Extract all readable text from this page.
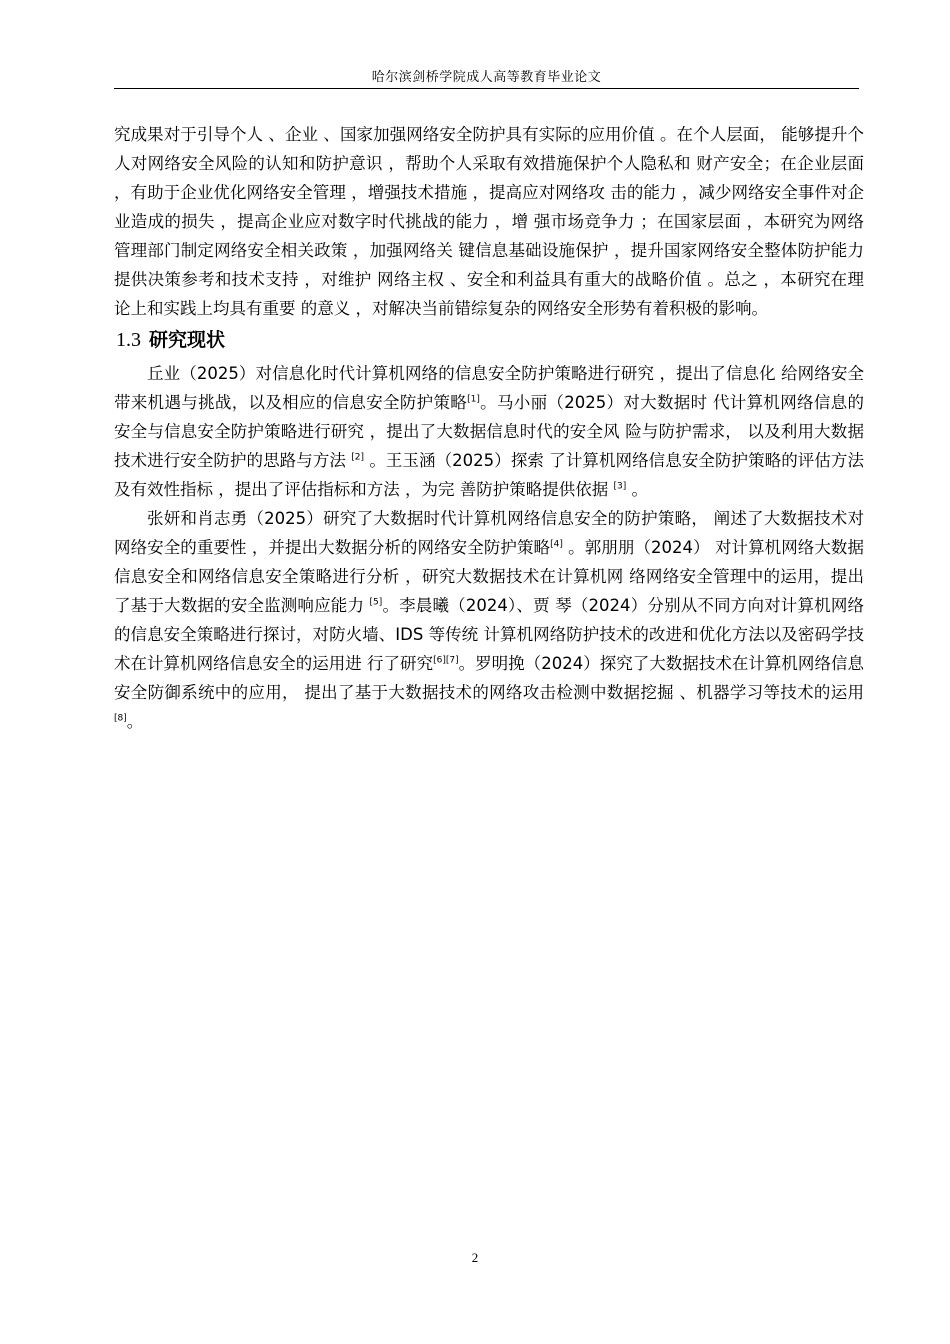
哈尔滨剑桥学院成人高等教育毕业论文

究成果对于引导个人 、企业 、国家加强网络安全防护具有实际的应用价值 。在个人层面， 能够提升个人对网络安全风险的认知和防护意识 ，帮助个人采取有效措施保护个人隐私和 财产安全；在企业层面 ，有助于企业优化网络安全管理 ，增强技术措施 ，提高应对网络攻 击的能力 ，减少网络安全事件对企业造成的损失 ，提高企业应对数字时代挑战的能力 ，增 强市场竞争力 ；在国家层面 ，本研究为网络管理部门制定网络安全相关政策 ，加强网络关 键信息基础设施保护 ，提升国家网络安全整体防护能力提供决策参考和技术支持 ，对维护 网络主权 、安全和利益具有重大的战略价值 。总之 ，本研究在理论上和实践上均具有重要 的意义 ，对解决当前错综复杂的网络安全形势有着积极的影响。

1.3 研究现状

丘业（2025）对信息化时代计算机网络的信息安全防护策略进行研究 ，提出了信息化 给网络安全带来机遇与挑战，以及相应的信息安全防护策略[1]。马小丽（2025）对大数据时 代计算机网络信息的安全与信息安全防护策略进行研究 ，提出了大数据信息时代的安全风 险与防护需求， 以及利用大数据技术进行安全防护的思路与方法 [2] 。王玉涵（2025）探索 了计算机网络信息安全防护策略的评估方法及有效性指标 ，提出了评估指标和方法 ，为完 善防护策略提供依据 [3] 。

张妍和肖志勇（2025）研究了大数据时代计算机网络信息安全的防护策略， 阐述了大数据技术对网络安全的重要性 ，并提出大数据分析的网络安全防护策略[4] 。郭朋朋（2024） 对计算机网络大数据信息安全和网络信息安全策略进行分析 ，研究大数据技术在计算机网 络网络安全管理中的运用，提出了基于大数据的安全监测响应能力 [5]。李晨曦（2024）、贾 琴（2024）分别从不同方向对计算机网络的信息安全策略进行探讨，对防火墙、IDS 等传统 计算机网络防护技术的改进和优化方法以及密码学技术在计算机网络信息安全的运用进 行了研究[6][7]。罗明挽（2024）探究了大数据技术在计算机网络信息 安全防御系统中的应用， 提出了基于大数据技术的网络攻击检测中数据挖掘 、机器学习等技术的运用 [8]。

2
